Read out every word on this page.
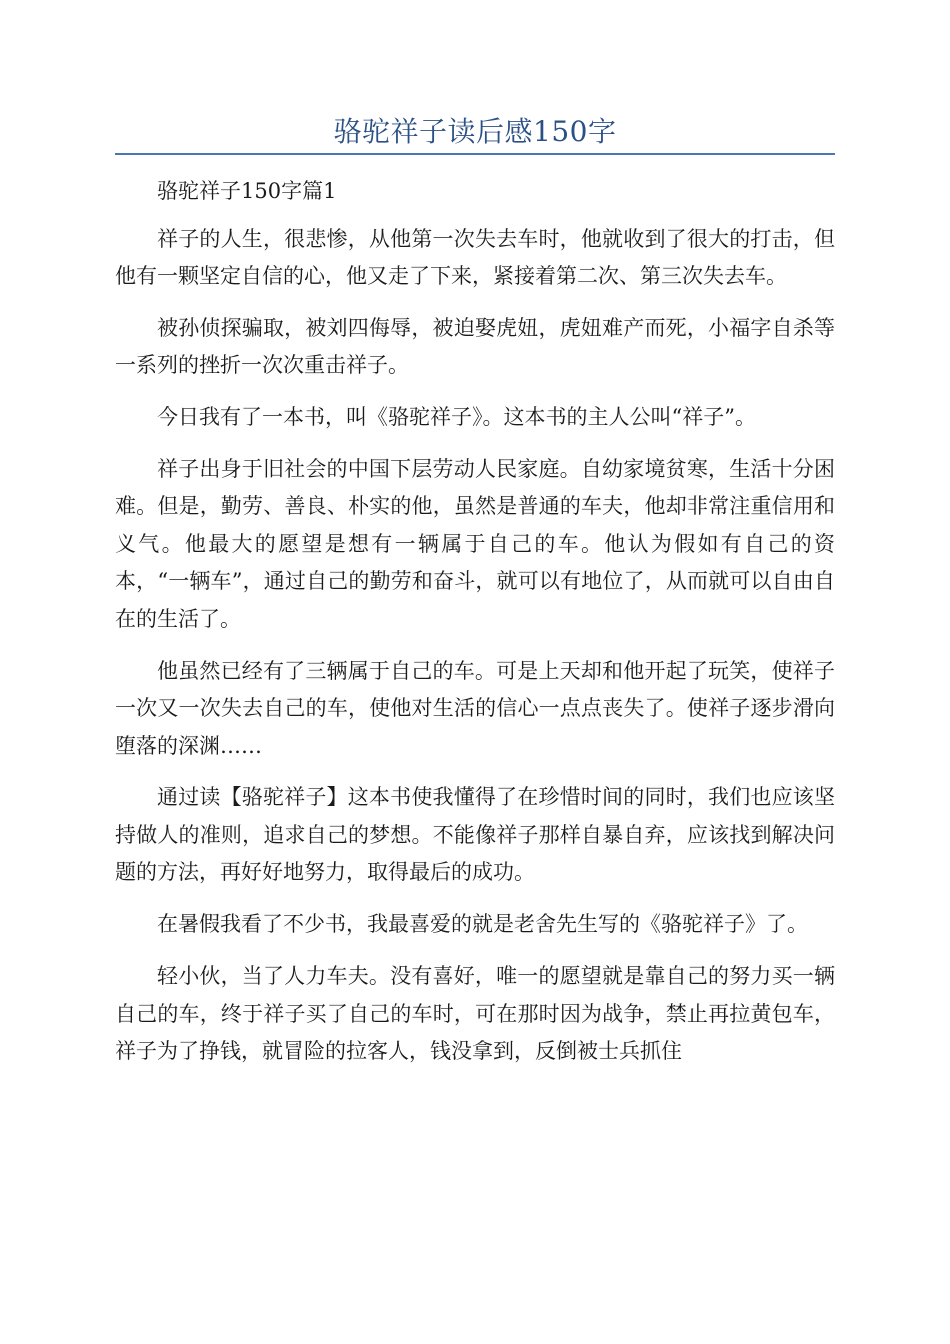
骆驼祥子读后感150字

骆驼祥子150字篇1

祥子的人生，很悲惨，从他第一次失去车时，他就收到了很大的打击，但他有一颗坚定自信的心，他又走了下来，紧接着第二次、第三次失去车。

被孙侦探骗取，被刘四侮辱，被迫娶虎妞，虎妞难产而死，小福字自杀等一系列的挫折一次次重击祥子。

今日我有了一本书，叫《骆驼祥子》。这本书的主人公叫“祥子”。

祥子出身于旧社会的中国下层劳动人民家庭。自幼家境贫寒，生活十分困难。但是，勤劳、善良、朴实的他，虽然是普通的车夫，他却非常注重信用和义气。他最大的愿望是想有一辆属于自己的车。他认为假如有自己的资本，“一辆车”，通过自己的勤劳和奋斗，就可以有地位了，从而就可以自由自在的生活了。

他虽然已经有了三辆属于自己的车。可是上天却和他开起了玩笑，使祥子一次又一次失去自己的车，使他对生活的信心一点点丧失了。使祥子逐步滑向堕落的深渊……

通过读【骆驼祥子】这本书使我懂得了在珍惜时间的同时，我们也应该坚持做人的准则，追求自己的梦想。不能像祥子那样自暴自弃，应该找到解决问题的方法，再好好地努力，取得最后的成功。

在暑假我看了不少书，我最喜爱的就是老舍先生写的《骆驼祥子》了。

轻小伙，当了人力车夫。没有喜好，唯一的愿望就是靠自己的努力买一辆自己的车，终于祥子买了自己的车时，可在那时因为战争，禁止再拉黄包车，祥子为了挣钱，就冒险的拉客人，钱没拿到，反倒被士兵抓住
